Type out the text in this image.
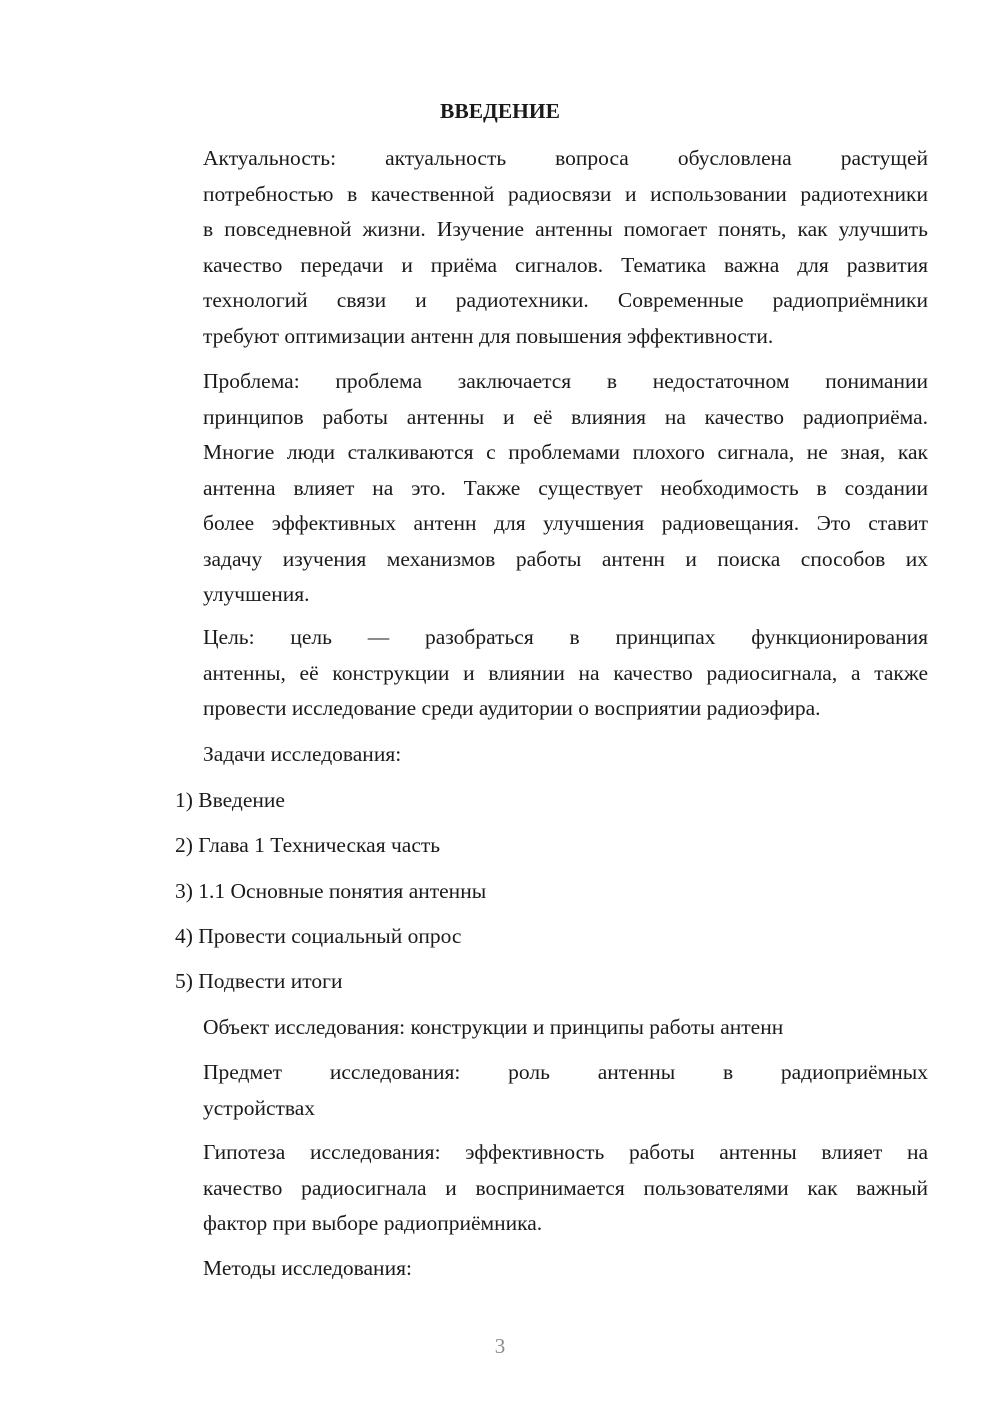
ВВЕДЕНИЕ
Актуальность: актуальность вопроса обусловлена растущей
потребностью в качественной радиосвязи и использовании радиотехники
в повседневной жизни. Изучение антенны помогает понять, как улучшить
качество передачи и приёма сигналов. Тематика важна для развития
технологий связи и радиотехники. Современные радиоприёмники
требуют оптимизации антенн для повышения эффективности.
Проблема: проблема заключается в недостаточном понимании
принципов работы антенны и её влияния на качество радиоприёма.
Многие люди сталкиваются с проблемами плохого сигнала, не зная, как
антенна влияет на это. Также существует необходимость в создании
более эффективных антенн для улучшения радиовещания. Это ставит
задачу изучения механизмов работы антенн и поиска способов их
улучшения.
Цель: цель — разобраться в принципах функционирования
антенны, её конструкции и влиянии на качество радиосигнала, а также
провести исследование среди аудитории о восприятии радиоэфира.

Задачи исследования:

1) Введение

2) Глава 1 Техническая часть

3) 1.1 Основные понятия антенны

4) Провести социальный опрос

5) Подвести итоги

Объект исследования: конструкции и принципы работы антенн

Предмет исследования: роль антенны в радиоприёмных
устройствах
Гипотеза исследования: эффективность работы антенны влияет на
качество радиосигнала и воспринимается пользователями как важный
фактор при выборе радиоприёмника.

Методы исследования:

3
